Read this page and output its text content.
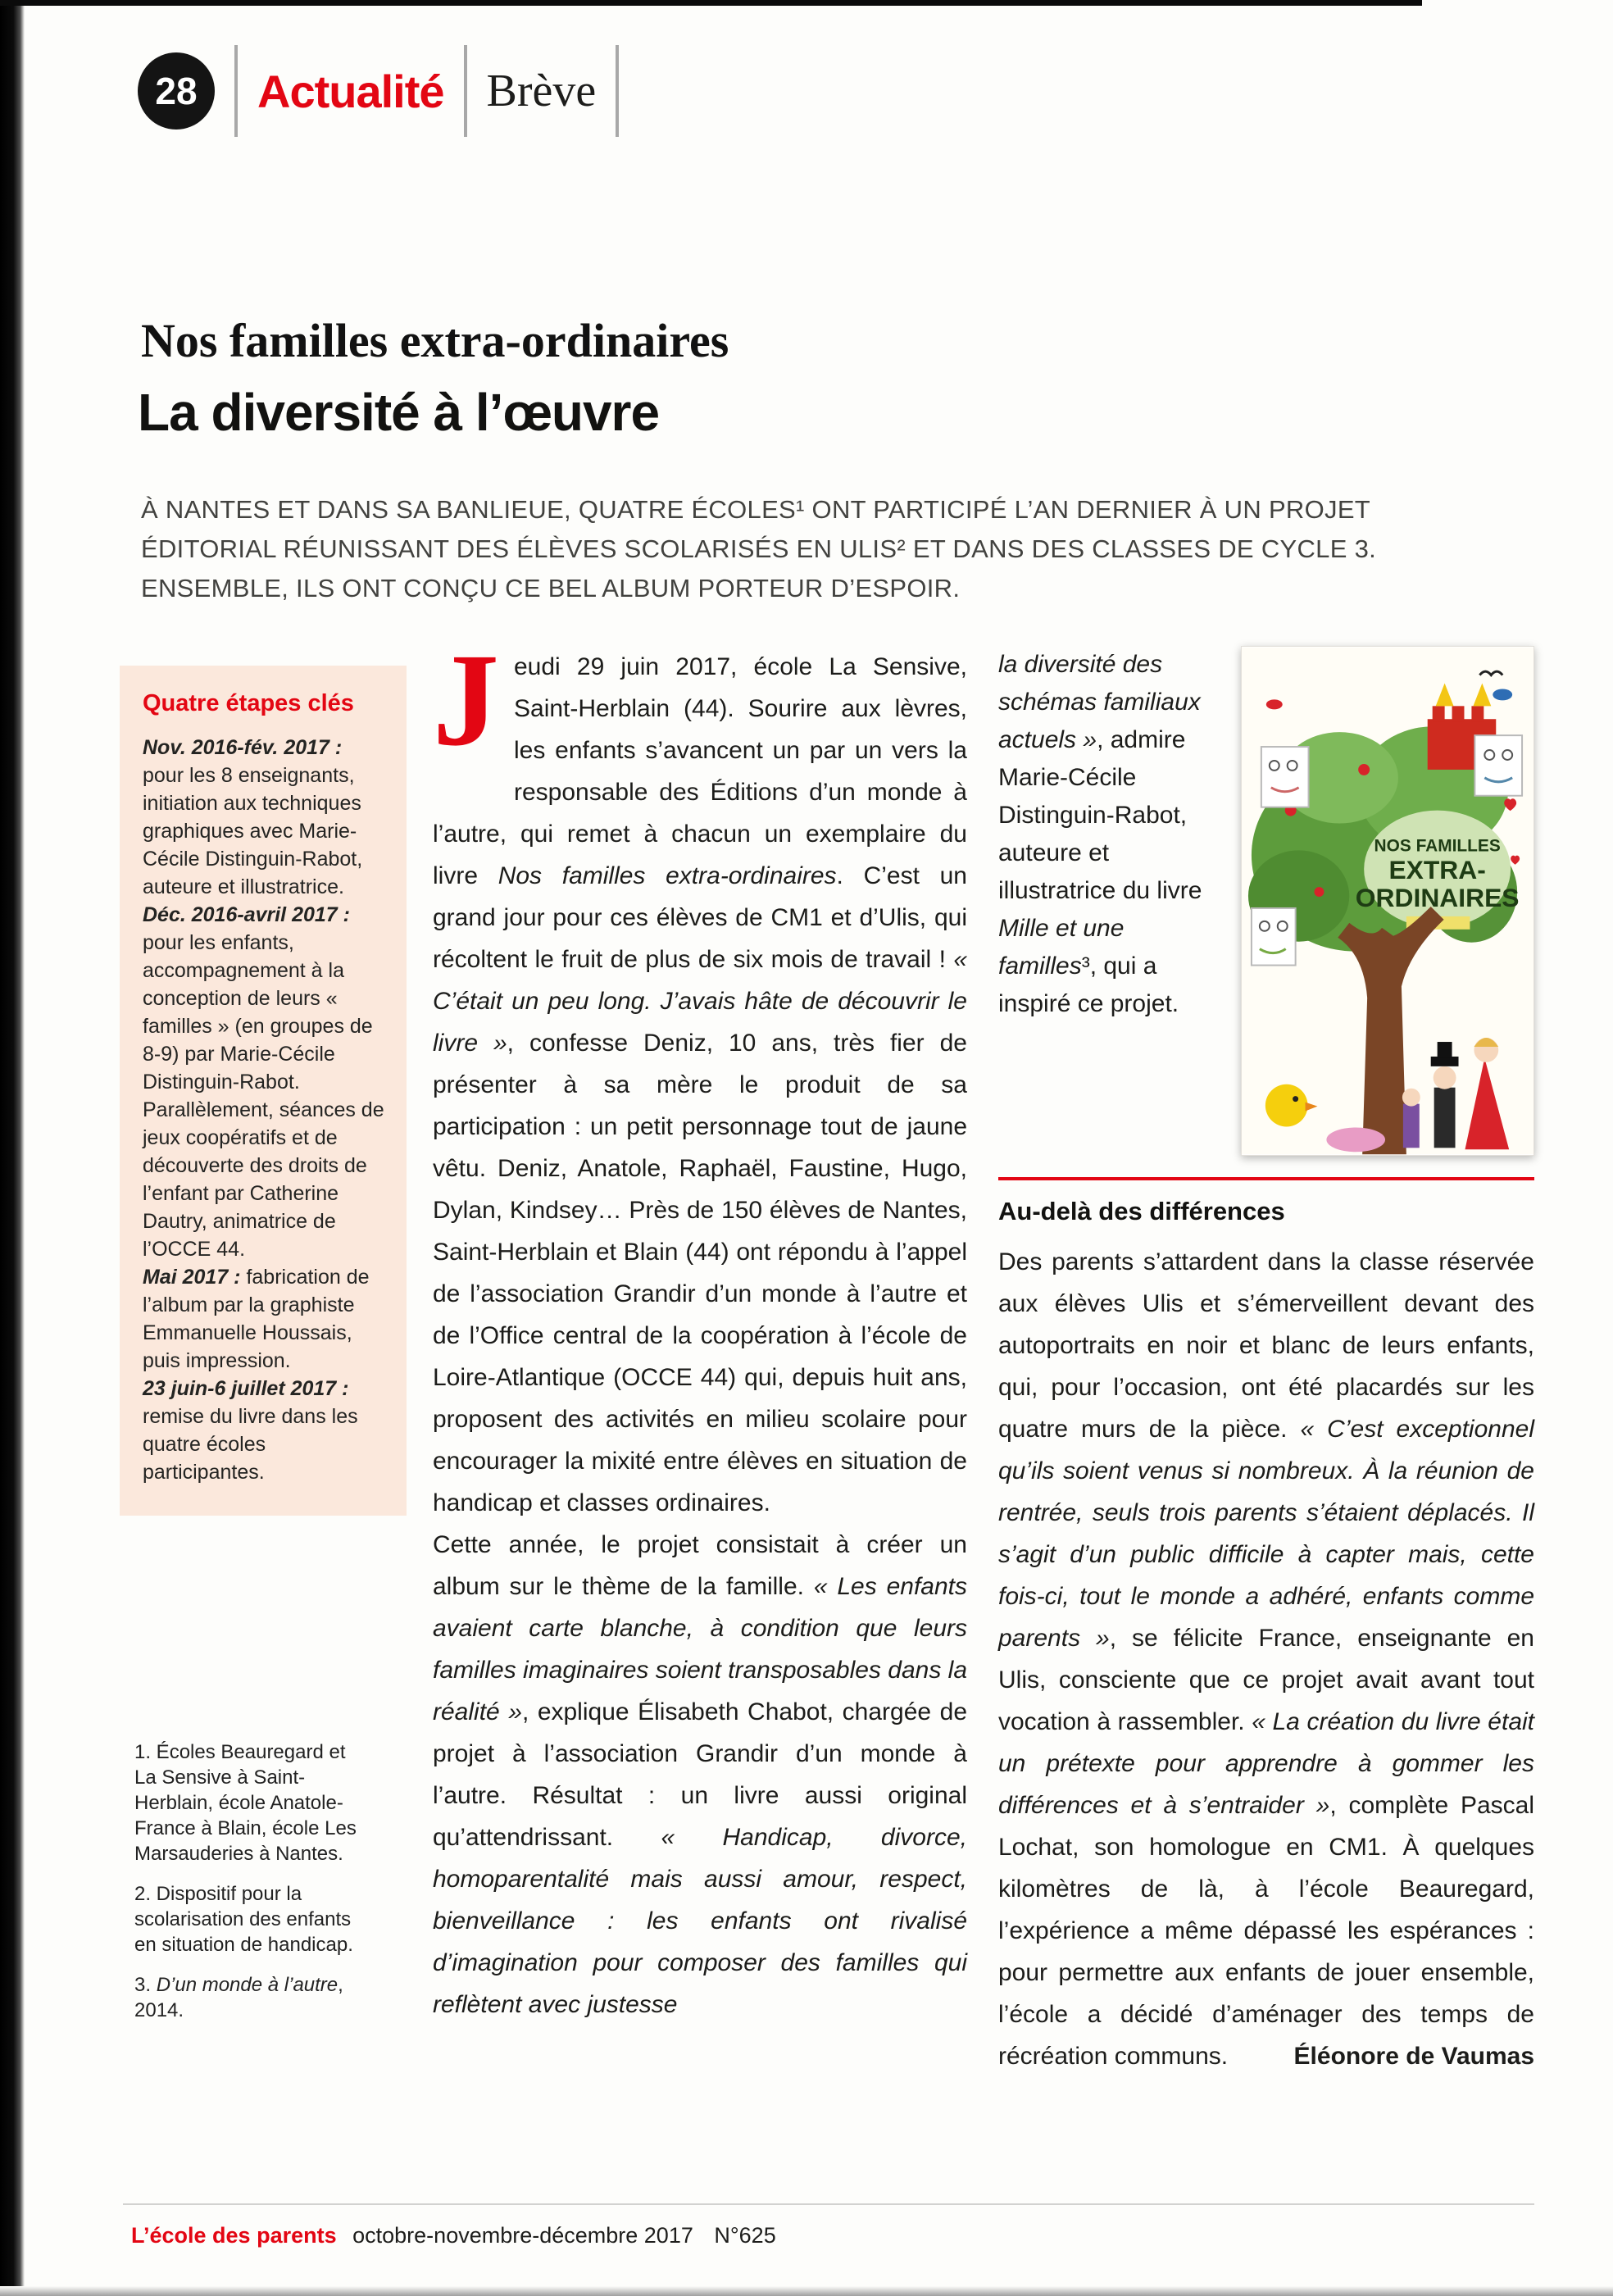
28 Actualité Brève
Nos familles extra-ordinaires
La diversité à l’œuvre

À NANTES ET DANS SA BANLIEUE, QUATRE ÉCOLES¹ ONT PARTICIPÉ L’AN DERNIER À UN PROJET ÉDITORIAL RÉUNISSANT DES ÉLÈVES SCOLARISÉS EN ULIS² ET DANS DES CLASSES DE CYCLE 3. ENSEMBLE, ILS ONT CONÇU CE BEL ALBUM PORTEUR D’ESPOIR.

Quatre étapes clés

Nov. 2016-fév. 2017 : pour les 8 enseignants, initiation aux techniques graphiques avec Marie-Cécile Distinguin-Rabot, auteure et illustratrice.

Déc. 2016-avril 2017 : pour les enfants, accompagnement à la conception de leurs « familles » (en groupes de 8-9) par Marie-Cécile Distinguin-Rabot. Parallèlement, séances de jeux coopératifs et de découverte des droits de l’enfant par Catherine Dautry, animatrice de l’OCCE 44.

Mai 2017 : fabrication de l’album par la graphiste Emmanuelle Houssais, puis impression.

23 juin-6 juillet 2017 : remise du livre dans les quatre écoles participantes.

1. Écoles Beauregard et La Sensive à Saint-Herblain, école Anatole-France à Blain, école Les Marsauderies à Nantes.

2. Dispositif pour la scolarisation des enfants en situation de handicap.

3. D’un monde à l’autre, 2014.

Jeudi 29 juin 2017, école La Sensive, Saint-Herblain (44). Sourire aux lèvres, les enfants s’avancent un par un vers la responsable des Éditions d’un monde à l’autre, qui remet à chacun un exemplaire du livre Nos familles extra-ordinaires. C’est un grand jour pour ces élèves de CM1 et d’Ulis, qui récoltent le fruit de plus de six mois de travail ! « C’était un peu long. J’avais hâte de découvrir le livre », confesse Deniz, 10 ans, très fier de présenter à sa mère le produit de sa participation : un petit personnage tout de jaune vêtu. Deniz, Anatole, Raphaël, Faustine, Hugo, Dylan, Kindsey… Près de 150 élèves de Nantes, Saint-Herblain et Blain (44) ont répondu à l’appel de l’association Grandir d’un monde à l’autre et de l’Office central de la coopération à l’école de Loire-Atlantique (OCCE 44) qui, depuis huit ans, proposent des activités en milieu scolaire pour encourager la mixité entre élèves en situation de handicap et classes ordinaires.

Cette année, le projet consistait à créer un album sur le thème de la famille. « Les enfants avaient carte blanche, à condition que leurs familles imaginaires soient transposables dans la réalité », explique Élisabeth Chabot, chargée de projet à l’association Grandir d’un monde à l’autre. Résultat : un livre aussi original qu’attendrissant. « Handicap, divorce, homoparentalité mais aussi amour, respect, bienveillance : les enfants ont rivalisé d’imagination pour composer des familles qui reflètent avec justesse

la diversité des schémas familiaux actuels », admire Marie-Cécile Distinguin-Rabot, auteure et illustratrice du livre Mille et une familles³, qui a inspiré ce projet.

NOS FAMILLES
EXTRA-
ORDINAIRES
Au-delà des différences

Des parents s’attardent dans la classe réservée aux élèves Ulis et s’émerveillent devant des autoportraits en noir et blanc de leurs enfants, qui, pour l’occasion, ont été placardés sur les quatre murs de la pièce. « C’est exceptionnel qu’ils soient venus si nombreux. À la réunion de rentrée, seuls trois parents s’étaient déplacés. Il s’agit d’un public difficile à capter mais, cette fois-ci, tout le monde a adhéré, enfants comme parents », se félicite France, enseignante en Ulis, consciente que ce projet avait avant tout vocation à rassembler. « La création du livre était un prétexte pour apprendre à gommer les différences et à s’entraider », complète Pascal Lochat, son homologue en CM1. À quelques kilomètres de là, à l’école Beauregard, l’expérience a même dépassé les espérances : pour permettre aux enfants de jouer ensemble, l’école a décidé d’aménager des temps de récréation communs.	Éléonore de Vaumas
L’école des parents octobre-novembre-décembre 2017 N°625
